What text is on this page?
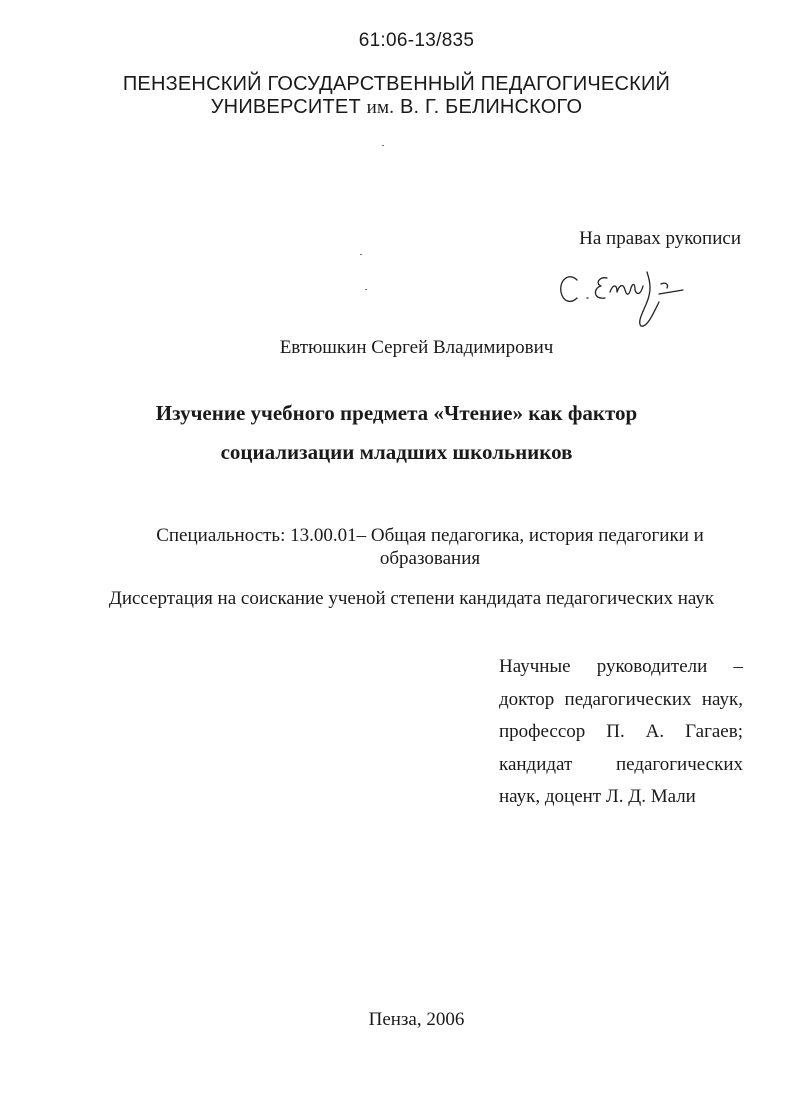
61:06-13/835
ПЕНЗЕНСКИЙ ГОСУДАРСТВЕННЫЙ ПЕДАГОГИЧЕСКИЙ
УНИВЕРСИТЕТ им. В. Г. БЕЛИНСКОГО
На правах рукописи
Евтюшкин Сергей Владимирович
Изучение учебного предмета «Чтение» как фактор
социализации младших школьников
Специальность: 13.00.01– Общая педагогика, история педагогики и
образования
Диссертация на соискание ученой степени кандидата педагогических наук
Научные руководители –
доктор педагогических наук,
профессор П. А. Гагаев;
кандидат педагогических
наук, доцент Л. Д. Мали
Пенза, 2006
